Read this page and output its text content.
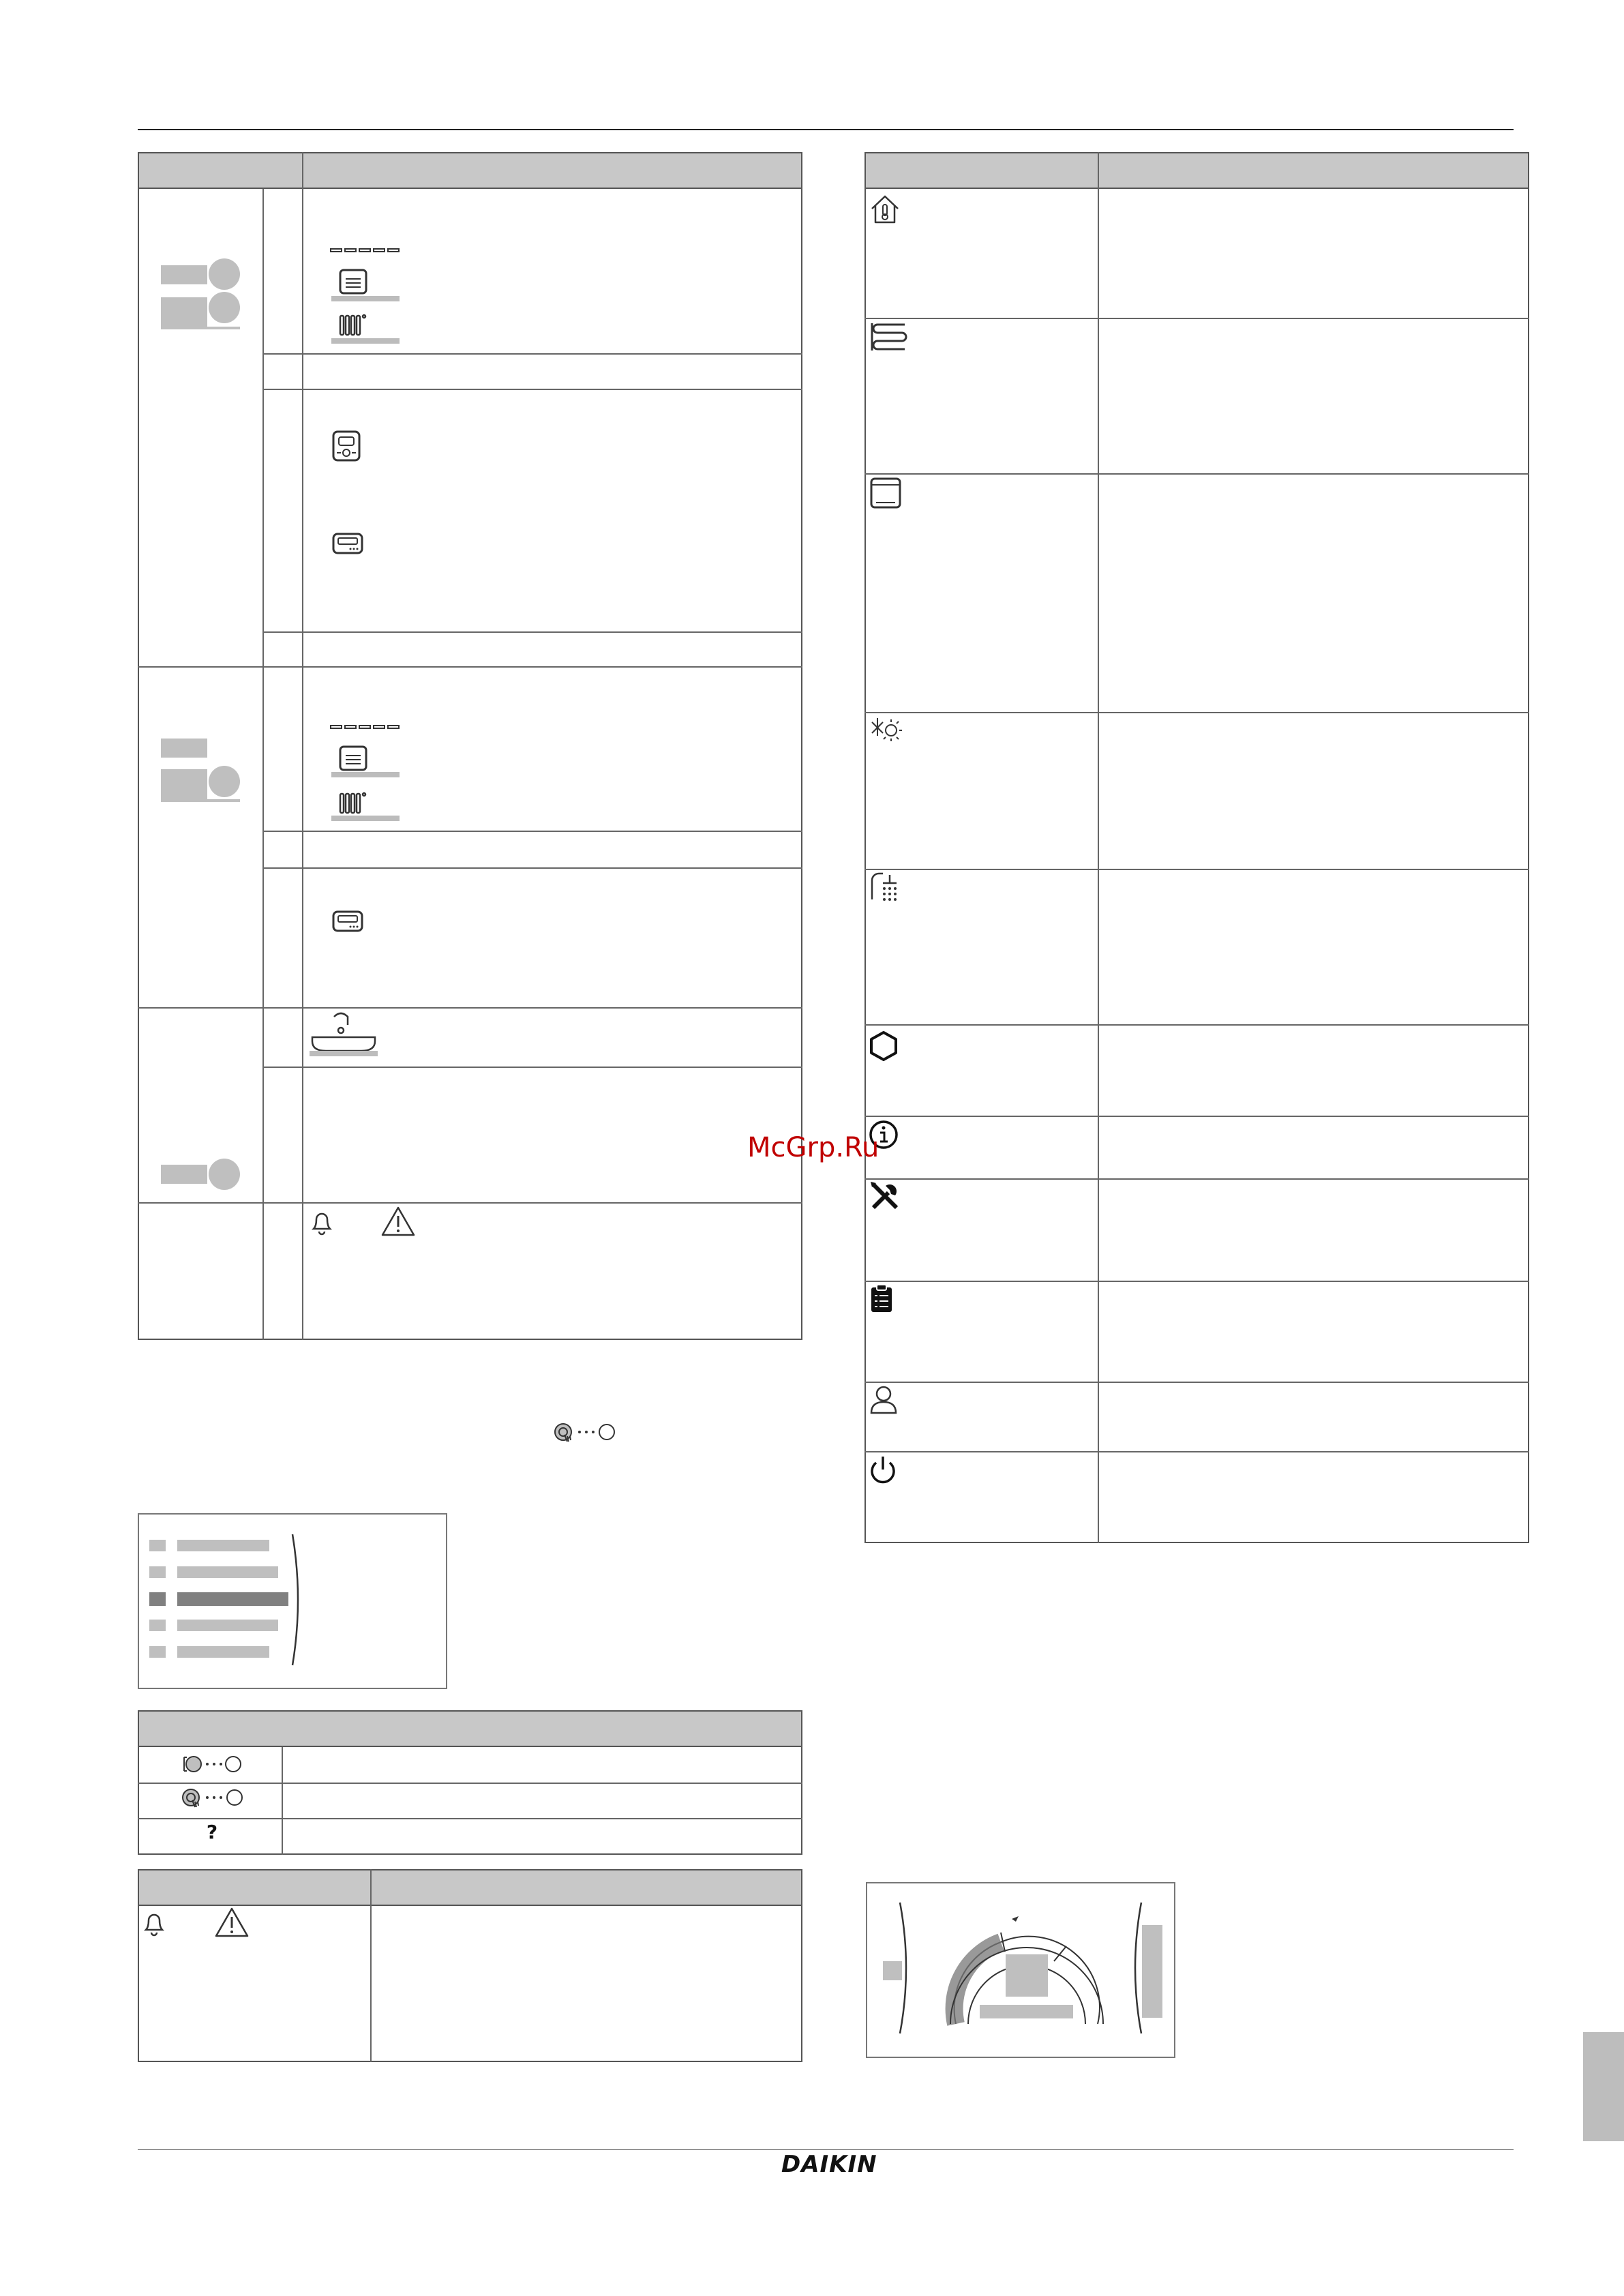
?
McGrp.Ru
DAIKIN
